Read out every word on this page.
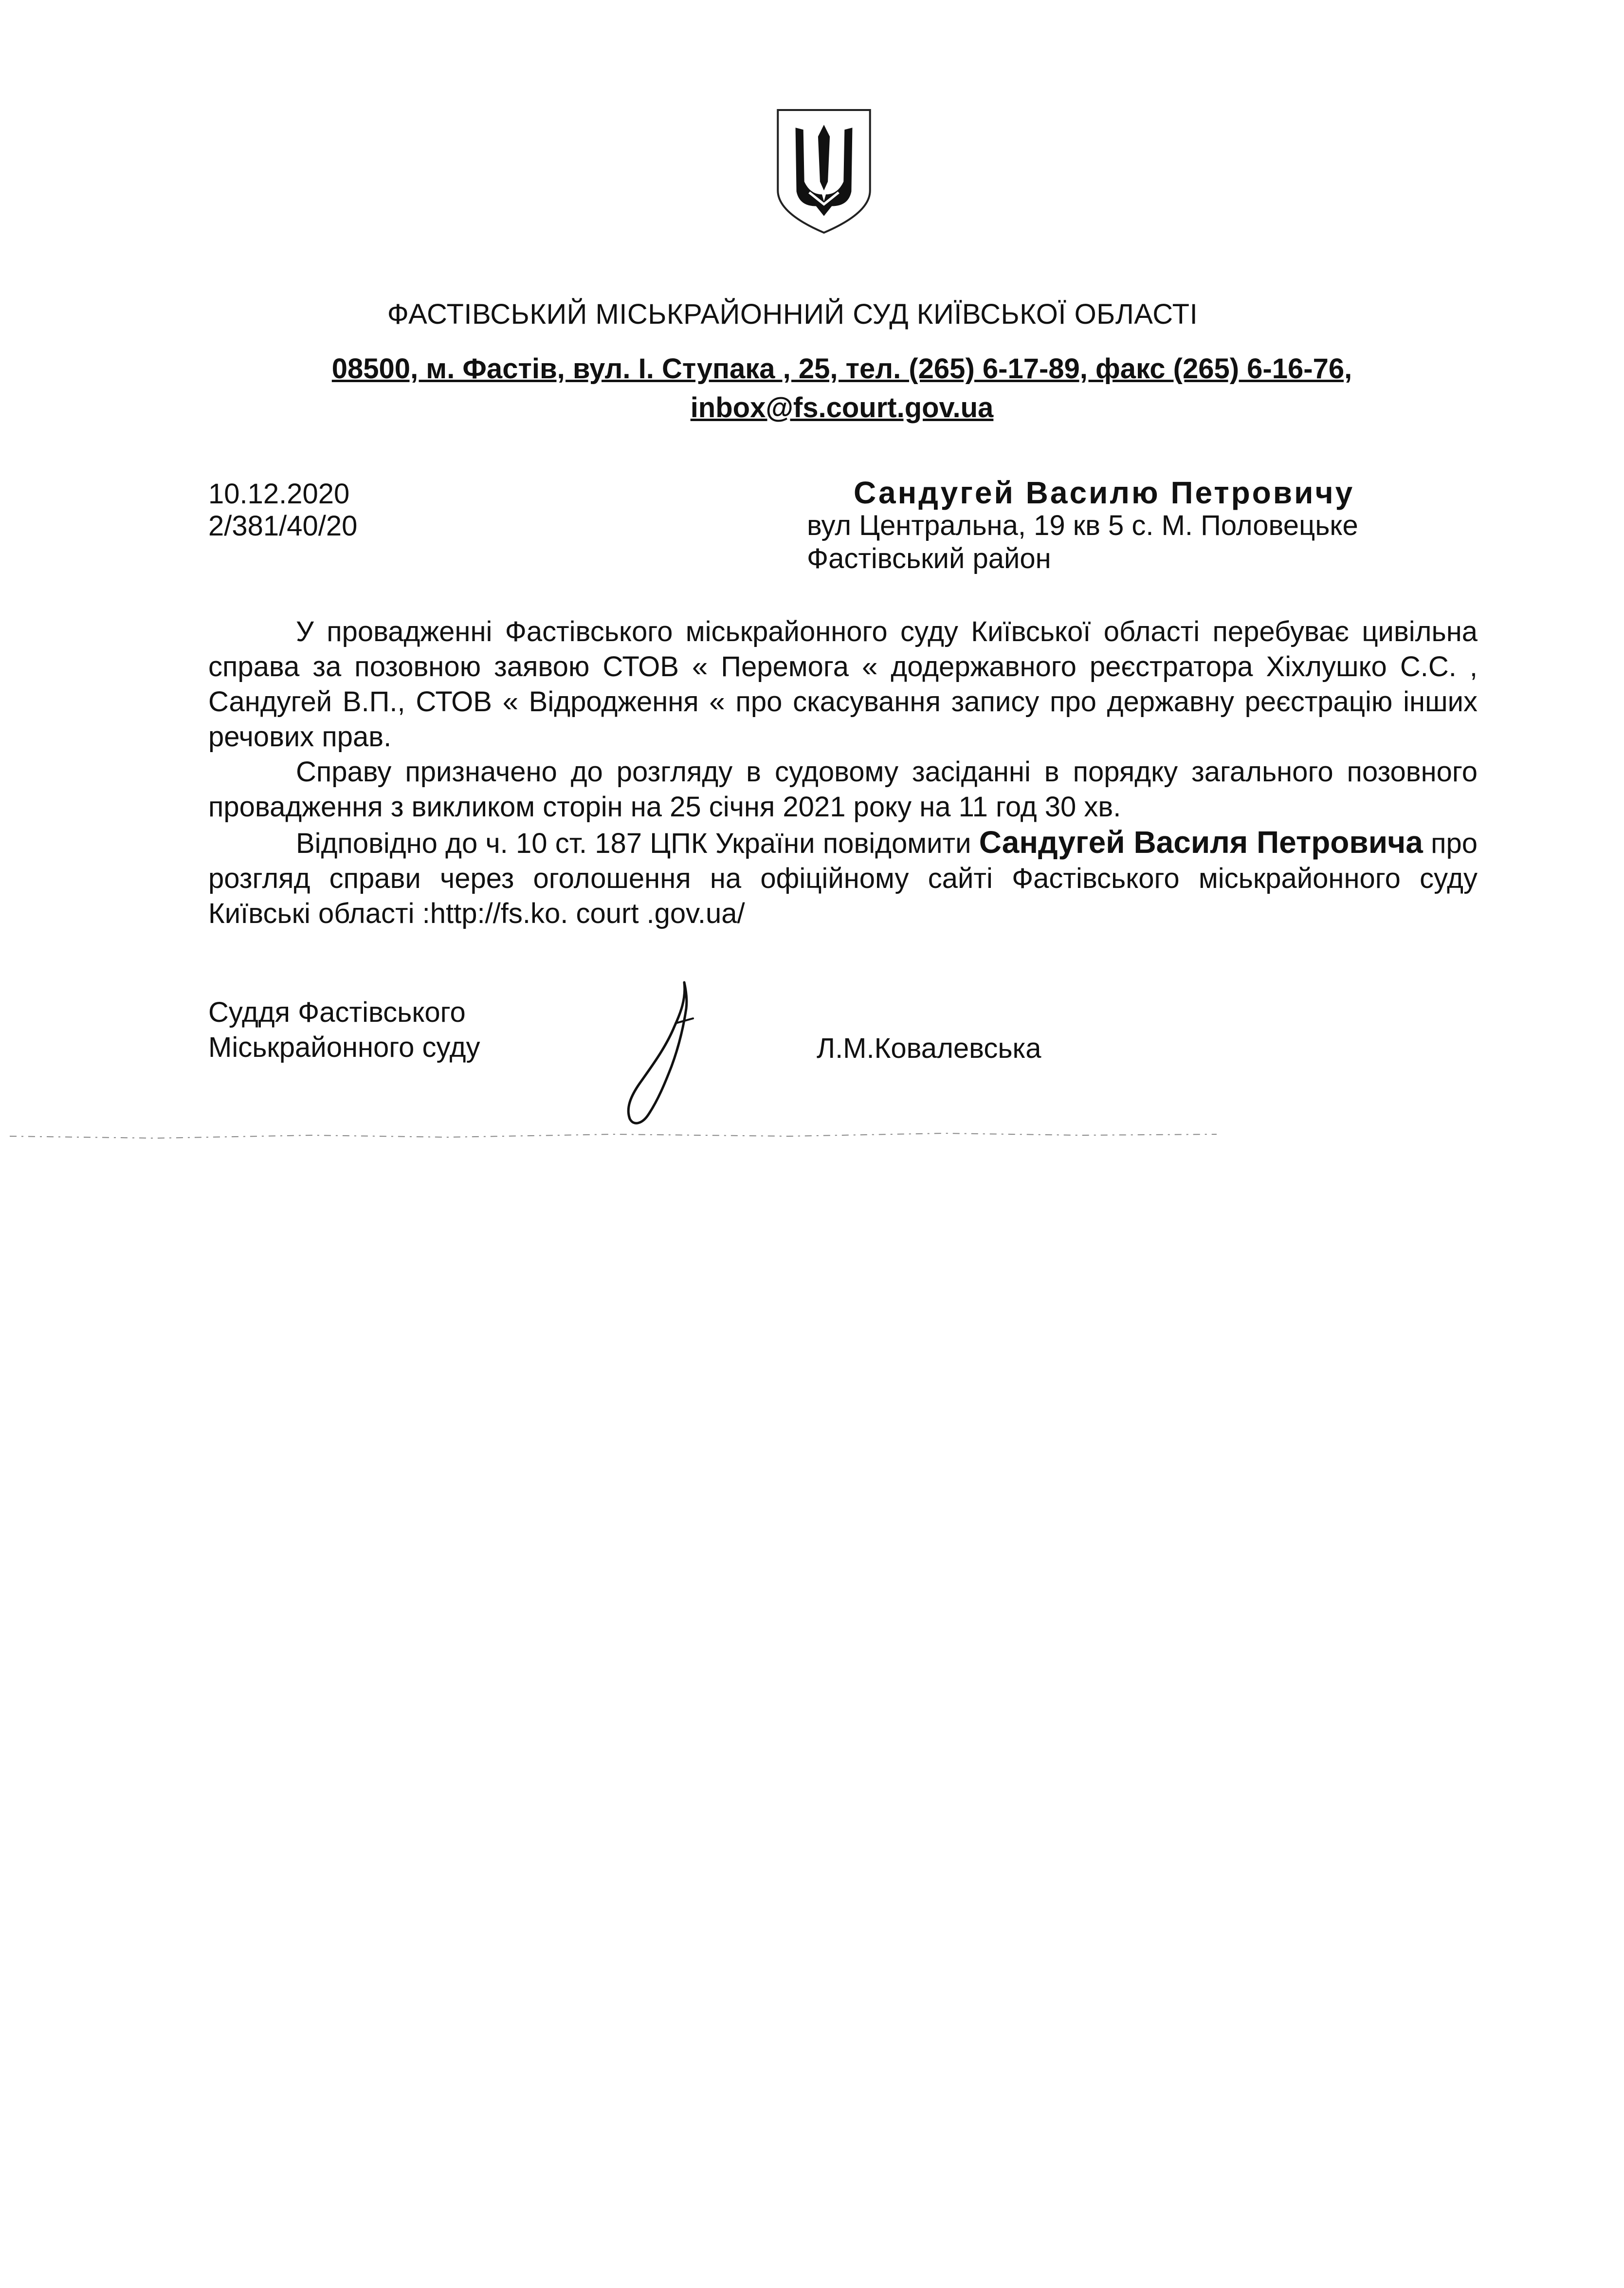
ФАСТІВСЬКИЙ МІСЬКРАЙОННИЙ СУД КИЇВСЬКОЇ ОБЛАСТІ
08500, м. Фастів, вул. І. Ступака , 25, тел. (265) 6-17-89, факс (265) 6-16-76,
inbox@fs.court.gov.ua
10.12.2020
2/381/40/20
Сандугей Василю Петровичу
вул Центральна, 19 кв 5 с. М. Половецьке
Фастівський район

У провадженні Фастівського міськрайонного суду Київської області перебуває цивільна справа за позовною заявою СТОВ « Перемога « додержавного реєстратора Хіхлушко С.С. , Сандугей В.П., СТОВ « Відродження « про скасування запису про державну реєстрацію інших речових прав.

Справу призначено до розгляду в судовому засіданні в порядку загального позовного провадження з викликом сторін на 25 січня 2021 року на 11 год 30 хв.

Відповідно до ч. 10 ст. 187 ЦПК України повідомити Сандугей Василя Петровича про розгляд справи через оголошення на офіційному сайті Фастівського міськрайонного суду Київські області :http://fs.ko. court .gov.ua/

Суддя Фастівського
Міськрайонного суду	Л.М.Ковалевська
